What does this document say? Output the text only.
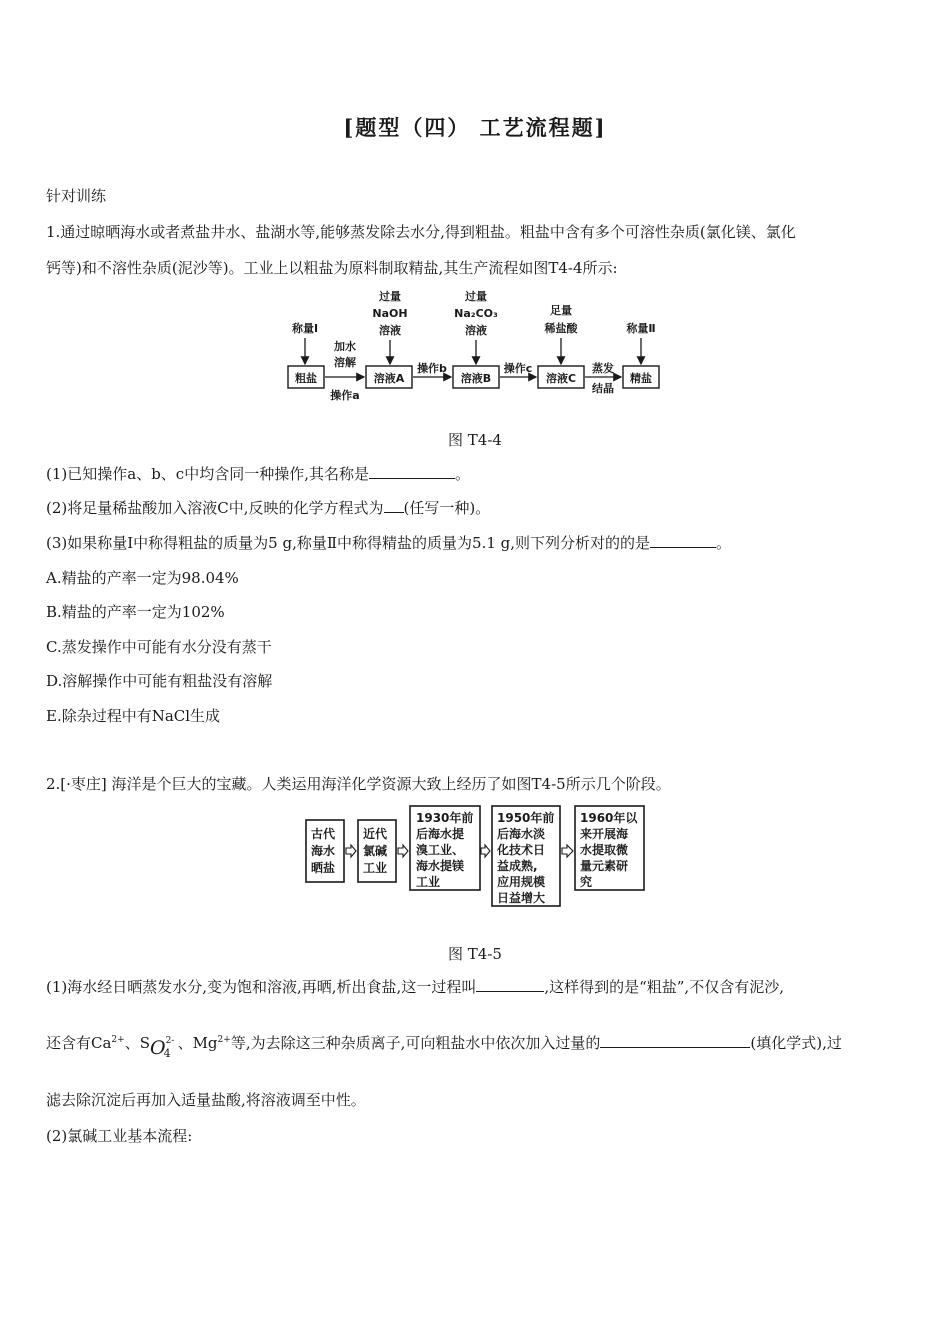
[题型（四） 工艺流程题]
针对训练
1.通过晾晒海水或者煮盐井水、盐湖水等,能够蒸发除去水分,得到粗盐。粗盐中含有多个可溶性杂质(氯化镁、氯化
钙等)和不溶性杂质(泥沙等)。工业上以粗盐为原料制取精盐,其生产流程如图T4-4所示:
过量
NaOH
溶液
过量
Na₂CO₃
溶液
足量
稀盐酸
称量Ⅰ	称量Ⅱ
粗盐	溶液A	溶液B	溶液C	精盐
加水
溶解
操作a
操作b	操作c	蒸发
结晶
图 T4-4
(1)已知操作a、b、c中均含同一种操作,其名称是	。
(2)将足量稀盐酸加入溶液C中,反映的化学方程式为 (任写一种)。
(3)如果称量Ⅰ中称得粗盐的质量为5 g,称量Ⅱ中称得精盐的质量为5.1 g,则下列分析对的的是	。
A.精盐的产率一定为98.04%
B.精盐的产率一定为102%
C.蒸发操作中可能有水分没有蒸干
D.溶解操作中可能有粗盐没有溶解
E.除杂过程中有NaCl生成
2.[·枣庄] 海洋是个巨大的宝藏。人类运用海洋化学资源大致上经历了如图T4-5所示几个阶段。
古代
海水
晒盐
近代
氯碱
工业
1930年前
后海水提
溴工业、
海水提镁
工业
1950年前
后海水淡
化技术日
益成熟,
应用规模
日益增大
1960年以
来开展海
水提取微
量元素研
究
图 T4-5
(1)海水经日晒蒸发水分,变为饱和溶液,再晒,析出食盐,这一过程叫	,这样得到的是“粗盐”,不仅含有泥沙,
还含有$Ca^{2+}$、SO 2-
4
、$Mg^{2+}$等,为去除这三种杂质离子,可向粗盐水中依次加入过量的	(填化学式),过
滤去除沉淀后再加入适量盐酸,将溶液调至中性。
(2)氯碱工业基本流程:
